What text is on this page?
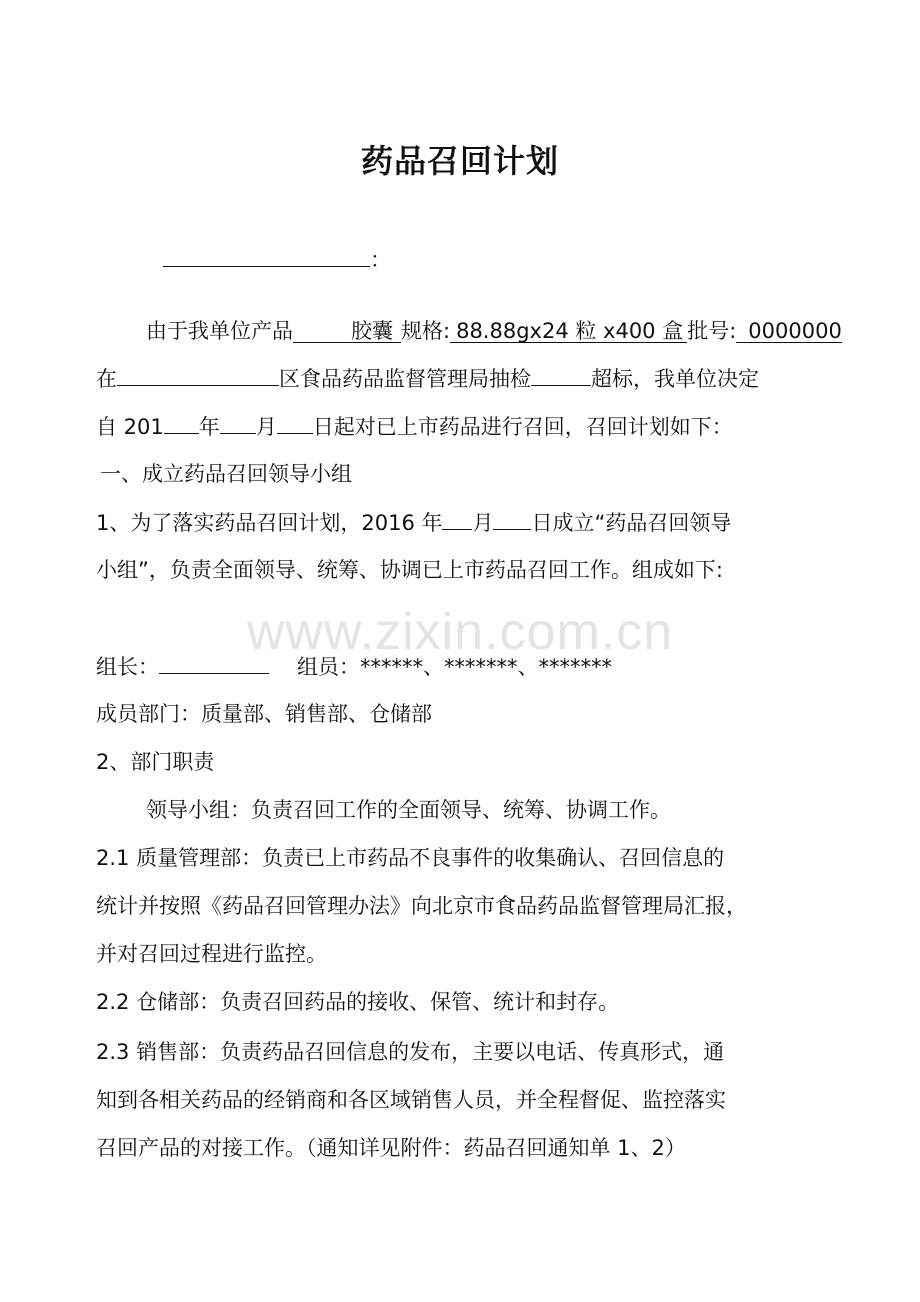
药品召回计划
：
由于我单位产品	胶囊 规格: 88.88gx24 粒 x400 盒 批号: 0000000
在	区食品药品监督管理局抽检	超标，我单位决定
自 201 年 月 日起对已上市药品进行召回，召回计划如下：
一、成立药品召回领导小组
1、为了落实药品召回计划，2016 年 月 日成立“药品召回领导
小组”，负责全面领导、统筹、协调已上市药品召回工作。组成如下:
www.zixin.com.cn
组长：	组员：******、*******、*******
成员部门：质量部、销售部、仓储部
2、部门职责
领导小组：负责召回工作的全面领导、统筹、协调工作。
2.1 质量管理部：负责已上市药品不良事件的收集确认、召回信息的
统计并按照《药品召回管理办法》向北京市食品药品监督管理局汇报，
并对召回过程进行监控。
2.2 仓储部：负责召回药品的接收、保管、统计和封存。
2.3 销售部：负责药品召回信息的发布，主要以电话、传真形式，通
知到各相关药品的经销商和各区域销售人员，并全程督促、监控落实
召回产品的对接工作。（通知详见附件：药品召回通知单 1、2）
